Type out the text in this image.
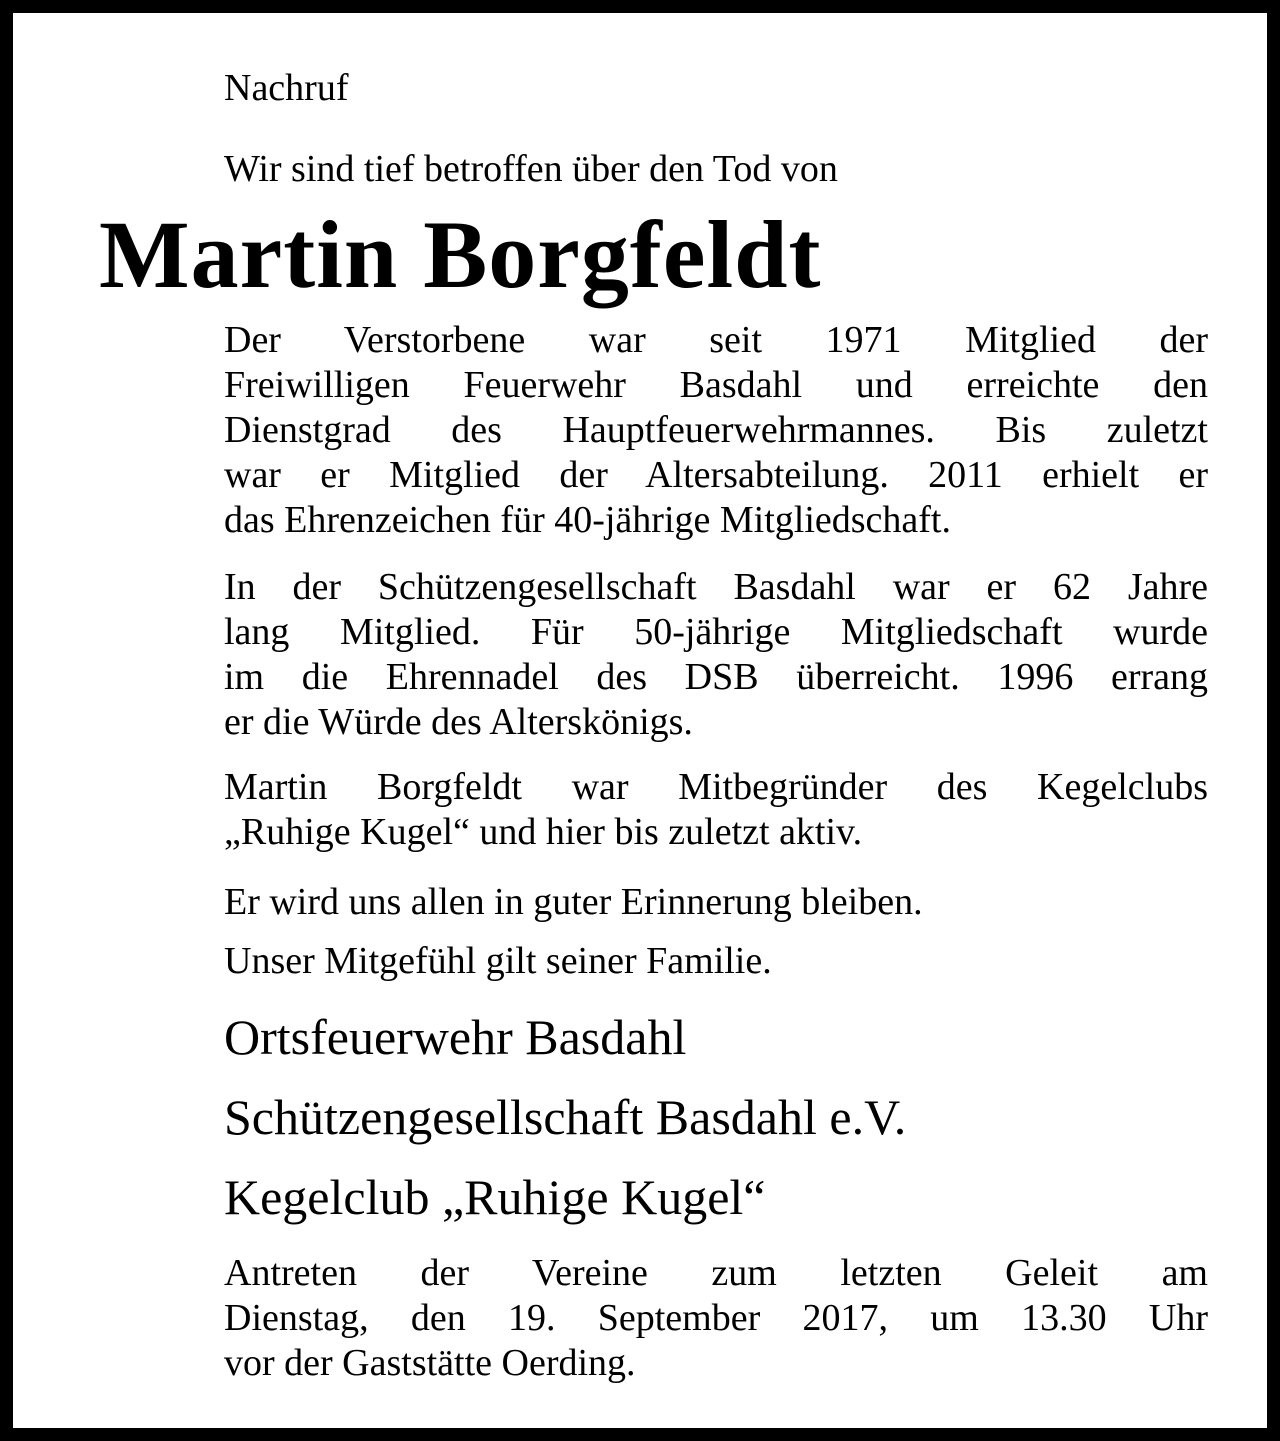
Nachruf

Wir sind tief betroffen über den Tod von

Martin Borgfeldt
Der Verstorbene war seit 1971 Mitglied der
Freiwilligen Feuerwehr Basdahl und erreichte den
Dienstgrad des Hauptfeuerwehrmannes. Bis zuletzt
war er Mitglied der Altersabteilung. 2011 erhielt er
das Ehrenzeichen für 40-jährige Mitgliedschaft.
In der Schützengesellschaft Basdahl war er 62 Jahre
lang Mitglied. Für 50-jährige Mitgliedschaft wurde
im die Ehrennadel des DSB überreicht. 1996 errang
er die Würde des Alterskönigs.
Martin Borgfeldt war Mitbegründer des Kegelclubs
„Ruhige Kugel“ und hier bis zuletzt aktiv.

Er wird uns allen in guter Erinnerung bleiben.

Unser Mitgefühl gilt seiner Familie.

Ortsfeuerwehr Basdahl

Schützengesellschaft Basdahl e.V.

Kegelclub „Ruhige Kugel“

Antreten der Vereine zum letzten Geleit am
Dienstag, den 19. September 2017, um 13.30 Uhr
vor der Gaststätte Oerding.
